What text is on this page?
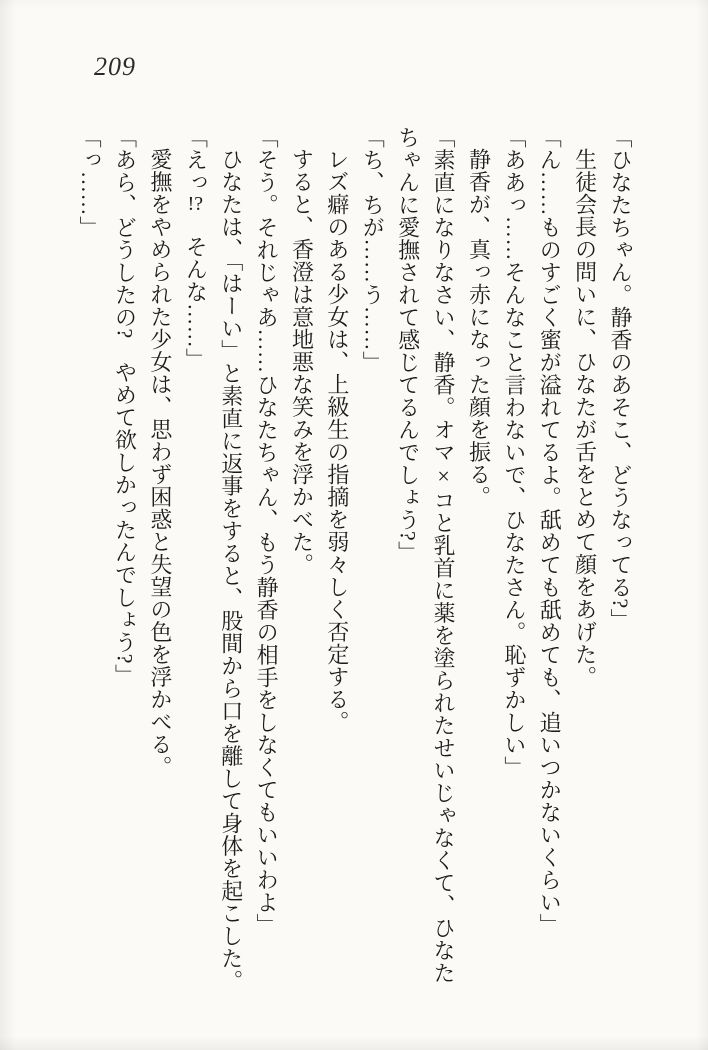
209
「ひなたちゃん。静香のあそこ、どうなってる?」
生徒会長の問いに、ひなたが舌をとめて顔をあげた。
「ん……ものすごく蜜が溢れてるよ。舐めても舐めても、追いつかないくらい」
「ああっ……そんなこと言わないで、ひなたさん。恥ずかしい」
静香が、真っ赤になった顔を振る。
「素直になりなさい、静香。オマ×コと乳首に薬を塗られたせいじゃなくて、ひなた
ちゃんに愛撫されて感じてるんでしょう?」
「ち、ちが……う……」
レズ癖のある少女は、上級生の指摘を弱々しく否定する。
すると、香澄は意地悪な笑みを浮かべた。
「そう。それじゃあ……ひなたちゃん、もう静香の相手をしなくてもいいわよ」
ひなたは、「はーい」と素直に返事をすると、股間から口を離して身体を起こした。
「えっ!?　そんな……」
愛撫をやめられた少女は、思わず困惑と失望の色を浮かべる。
「あら、どうしたの?　やめて欲しかったんでしょう?」
「っ……」
